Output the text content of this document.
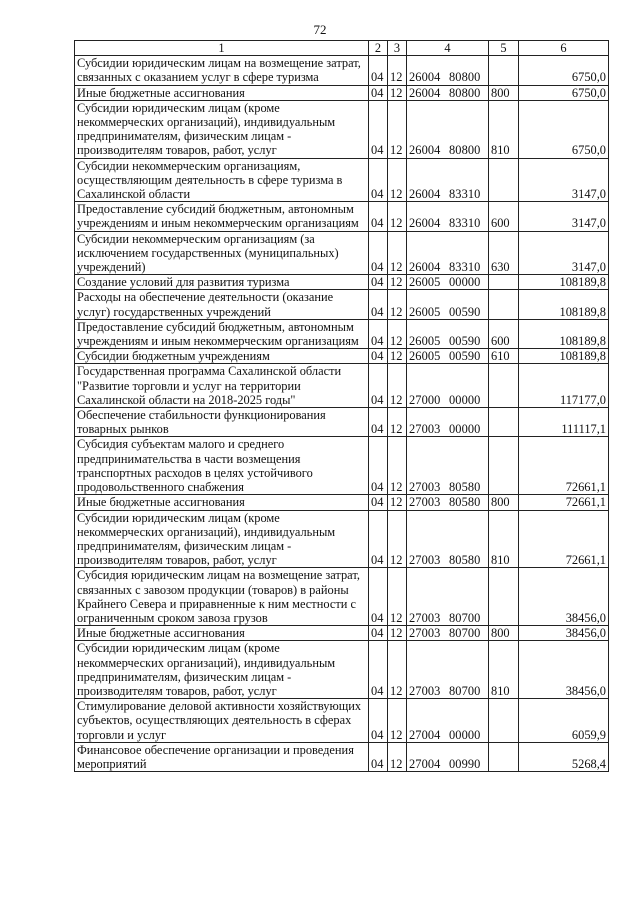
72
1	2	3	4	5	6
Субсидии юридическим лицам на возмещение затрат, связанных с оказанием услуг в сфере туризма	04	12	26004 80800		6750,0
Иные бюджетные ассигнования	04	12	26004 80800	800	6750,0
Субсидии юридическим лицам (кроме некоммерческих организаций), индивидуальным предпринимателям, физическим лицам - производителям товаров, работ, услуг	04	12	26004 80800	810	6750,0
Субсидии некоммерческим организациям, осуществляющим деятельность в сфере туризма в Сахалинской области	04	12	26004 83310		3147,0
Предоставление субсидий бюджетным, автономным учреждениям и иным некоммерческим организациям	04	12	26004 83310	600	3147,0
Субсидии некоммерческим организациям (за исключением государственных (муниципальных) учреждений)	04	12	26004 83310	630	3147,0
Создание условий для развития туризма	04	12	26005 00000		108189,8
Расходы на обеспечение деятельности (оказание услуг) государственных учреждений	04	12	26005 00590		108189,8
Предоставление субсидий бюджетным, автономным учреждениям и иным некоммерческим организациям	04	12	26005 00590	600	108189,8
Субсидии бюджетным учреждениям	04	12	26005 00590	610	108189,8
Государственная программа Сахалинской области "Развитие торговли и услуг на территории Сахалинской области на 2018-2025 годы"	04	12	27000 00000		117177,0
Обеспечение стабильности функционирования товарных рынков	04	12	27003 00000		111117,1
Субсидия субъектам малого и среднего предпринимательства в части возмещения транспортных расходов в целях устойчивого продовольственного снабжения	04	12	27003 80580		72661,1
Иные бюджетные ассигнования	04	12	27003 80580	800	72661,1
Субсидии юридическим лицам (кроме некоммерческих организаций), индивидуальным предпринимателям, физическим лицам - производителям товаров, работ, услуг	04	12	27003 80580	810	72661,1
Субсидия юридическим лицам на возмещение затрат, связанных с завозом продукции (товаров) в районы Крайнего Севера и приравненные к ним местности с ограниченным сроком завоза грузов	04	12	27003 80700		38456,0
Иные бюджетные ассигнования	04	12	27003 80700	800	38456,0
Субсидии юридическим лицам (кроме некоммерческих организаций), индивидуальным предпринимателям, физическим лицам - производителям товаров, работ, услуг	04	12	27003 80700	810	38456,0
Стимулирование деловой активности хозяйствующих субъектов, осуществляющих деятельность в сферах торговли и услуг	04	12	27004 00000		6059,9
Финансовое обеспечение организации и проведения мероприятий	04	12	27004 00990		5268,4
